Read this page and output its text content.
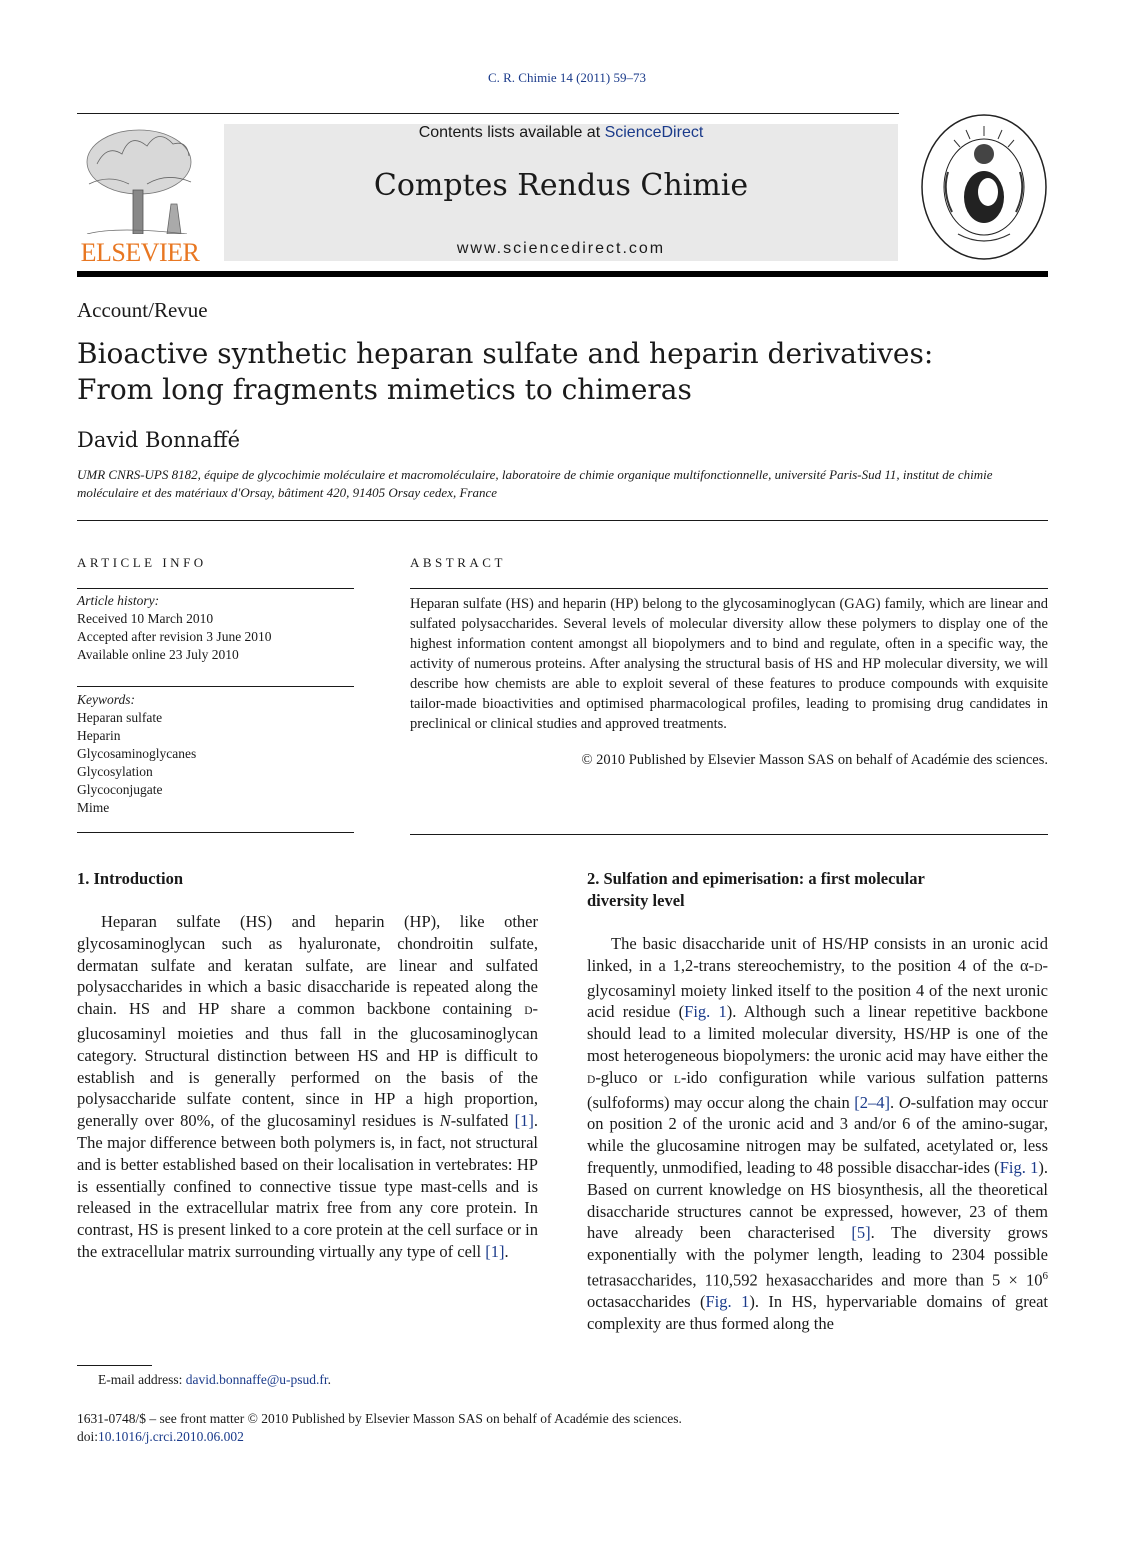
C. R. Chimie 14 (2011) 59–73
ELSEVIER
Contents lists available at ScienceDirect
Comptes Rendus Chimie
www.sciencedirect.com
Account/Revue
Bioactive synthetic heparan sulfate and heparin derivatives:
From long fragments mimetics to chimeras
David Bonnaffé
UMR CNRS-UPS 8182, équipe de glycochimie moléculaire et macromoléculaire, laboratoire de chimie organique multifonctionnelle, université Paris-Sud 11, institut de chimie moléculaire et des matériaux d'Orsay, bâtiment 420, 91405 Orsay cedex, France
ARTICLE INFO
Article history:
Received 10 March 2010
Accepted after revision 3 June 2010
Available online 23 July 2010
Keywords:
Heparan sulfate
Heparin
Glycosaminoglycanes
Glycosylation
Glycoconjugate
Mime
ABSTRACT
Heparan sulfate (HS) and heparin (HP) belong to the glycosaminoglycan (GAG) family, which are linear and sulfated polysaccharides. Several levels of molecular diversity allow these polymers to display one of the highest information content amongst all biopolymers and to bind and regulate, often in a specific way, the activity of numerous proteins. After analysing the structural basis of HS and HP molecular diversity, we will describe how chemists are able to exploit several of these features to produce compounds with exquisite tailor-made bioactivities and optimised pharmacological profiles, leading to promising drug candidates in preclinical or clinical studies and approved treatments.
© 2010 Published by Elsevier Masson SAS on behalf of Académie des sciences.
1. Introduction

Heparan sulfate (HS) and heparin (HP), like other glycosaminoglycan such as hyaluronate, chondroitin sulfate, dermatan sulfate and keratan sulfate, are linear and sulfated polysaccharides in which a basic disaccharide is repeated along the chain. HS and HP share a common backbone containing D-glucosaminyl moieties and thus fall in the glucosaminoglycan category. Structural distinction between HS and HP is difficult to establish and is generally performed on the basis of the polysaccharide sulfate content, since in HP a high proportion, generally over 80%, of the glucosaminyl residues is N-sulfated [1]. The major difference between both polymers is, in fact, not structural and is better established based on their localisation in vertebrates: HP is essentially confined to connective tissue type mast-cells and is released in the extracellular matrix free from any core protein. In contrast, HS is present linked to a core protein at the cell surface or in the extracellular matrix surrounding virtually any type of cell [1].

2. Sulfation and epimerisation: a first molecular
diversity level

The basic disaccharide unit of HS/HP consists in an uronic acid linked, in a 1,2-trans stereochemistry, to the position 4 of the α-D-glycosaminyl moiety linked itself to the position 4 of the next uronic acid residue (Fig. 1). Although such a linear repetitive backbone should lead to a limited molecular diversity, HS/HP is one of the most heterogeneous biopolymers: the uronic acid may have either the D-gluco or L-ido configuration while various sulfation patterns (sulfoforms) may occur along the chain [2–4]. O-sulfation may occur on position 2 of the uronic acid and 3 and/or 6 of the amino-sugar, while the glucosamine nitrogen may be sulfated, acetylated or, less frequently, unmodified, leading to 48 possible disacchar-ides (Fig. 1). Based on current knowledge on HS biosynthesis, all the theoretical disaccharide structures cannot be expressed, however, 23 of them have already been characterised [5]. The diversity grows exponentially with the polymer length, leading to 2304 possible tetrasaccharides, 110,592 hexasaccharides and more than $5 \times 10^6$ octasaccharides (Fig. 1). In HS, hypervariable domains of great complexity are thus formed along the

E-mail address: david.bonnaffe@u-psud.fr.
1631-0748/$ – see front matter © 2010 Published by Elsevier Masson SAS on behalf of Académie des sciences.
doi:10.1016/j.crci.2010.06.002
